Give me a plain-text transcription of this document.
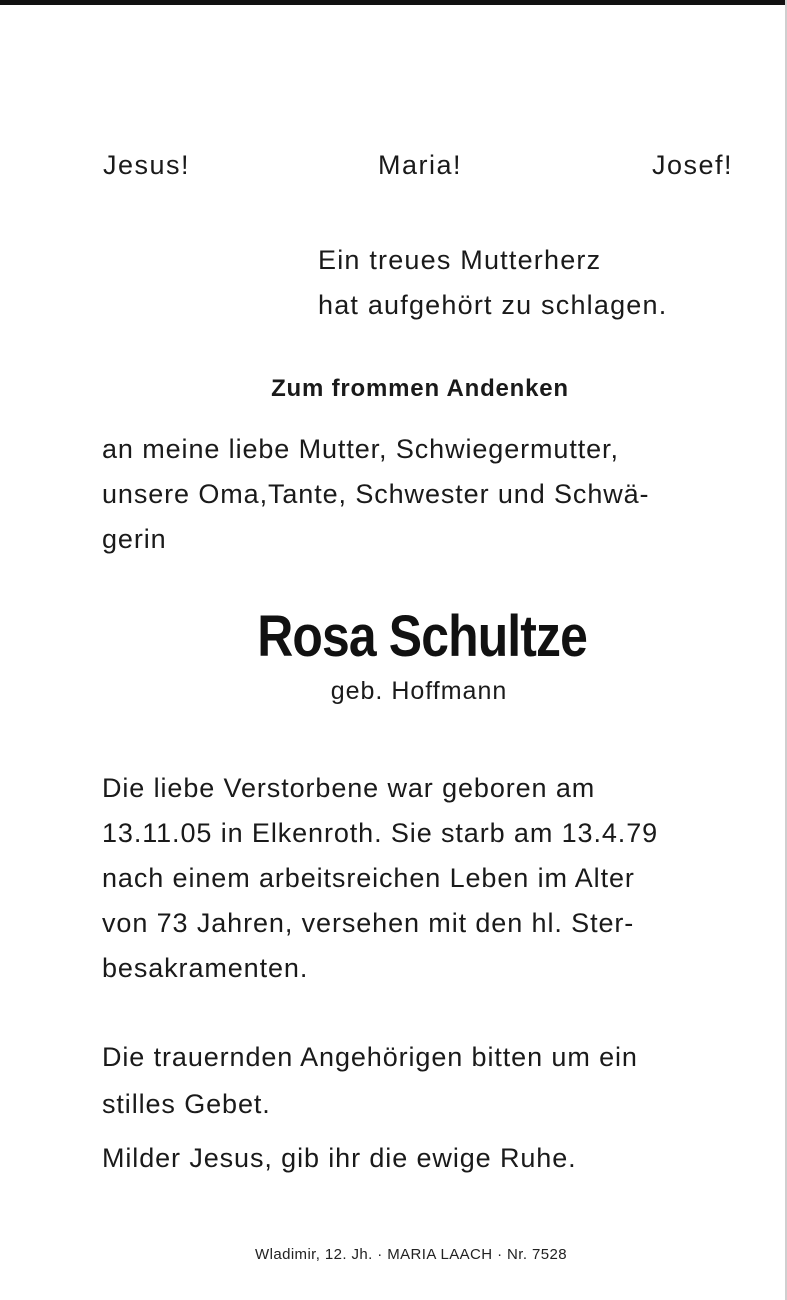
Jesus!	Maria!	Josef!
Ein treues Mutterherz
hat aufgehört zu schlagen.
Zum frommen Andenken
an meine liebe Mutter, Schwiegermutter,
unsere Oma,Tante, Schwester und Schwä-
gerin
Rosa Schultze
geb. Hoffmann
Die liebe Verstorbene war geboren am
13.11.05 in Elkenroth. Sie starb am 13.4.79
nach einem arbeitsreichen Leben im Alter
von 73 Jahren, versehen mit den hl. Ster-
besakramenten.
Die trauernden Angehörigen bitten um ein
stilles Gebet.
Milder Jesus, gib ihr die ewige Ruhe.
Wladimir, 12. Jh. · MARIA LAACH · Nr. 7528
